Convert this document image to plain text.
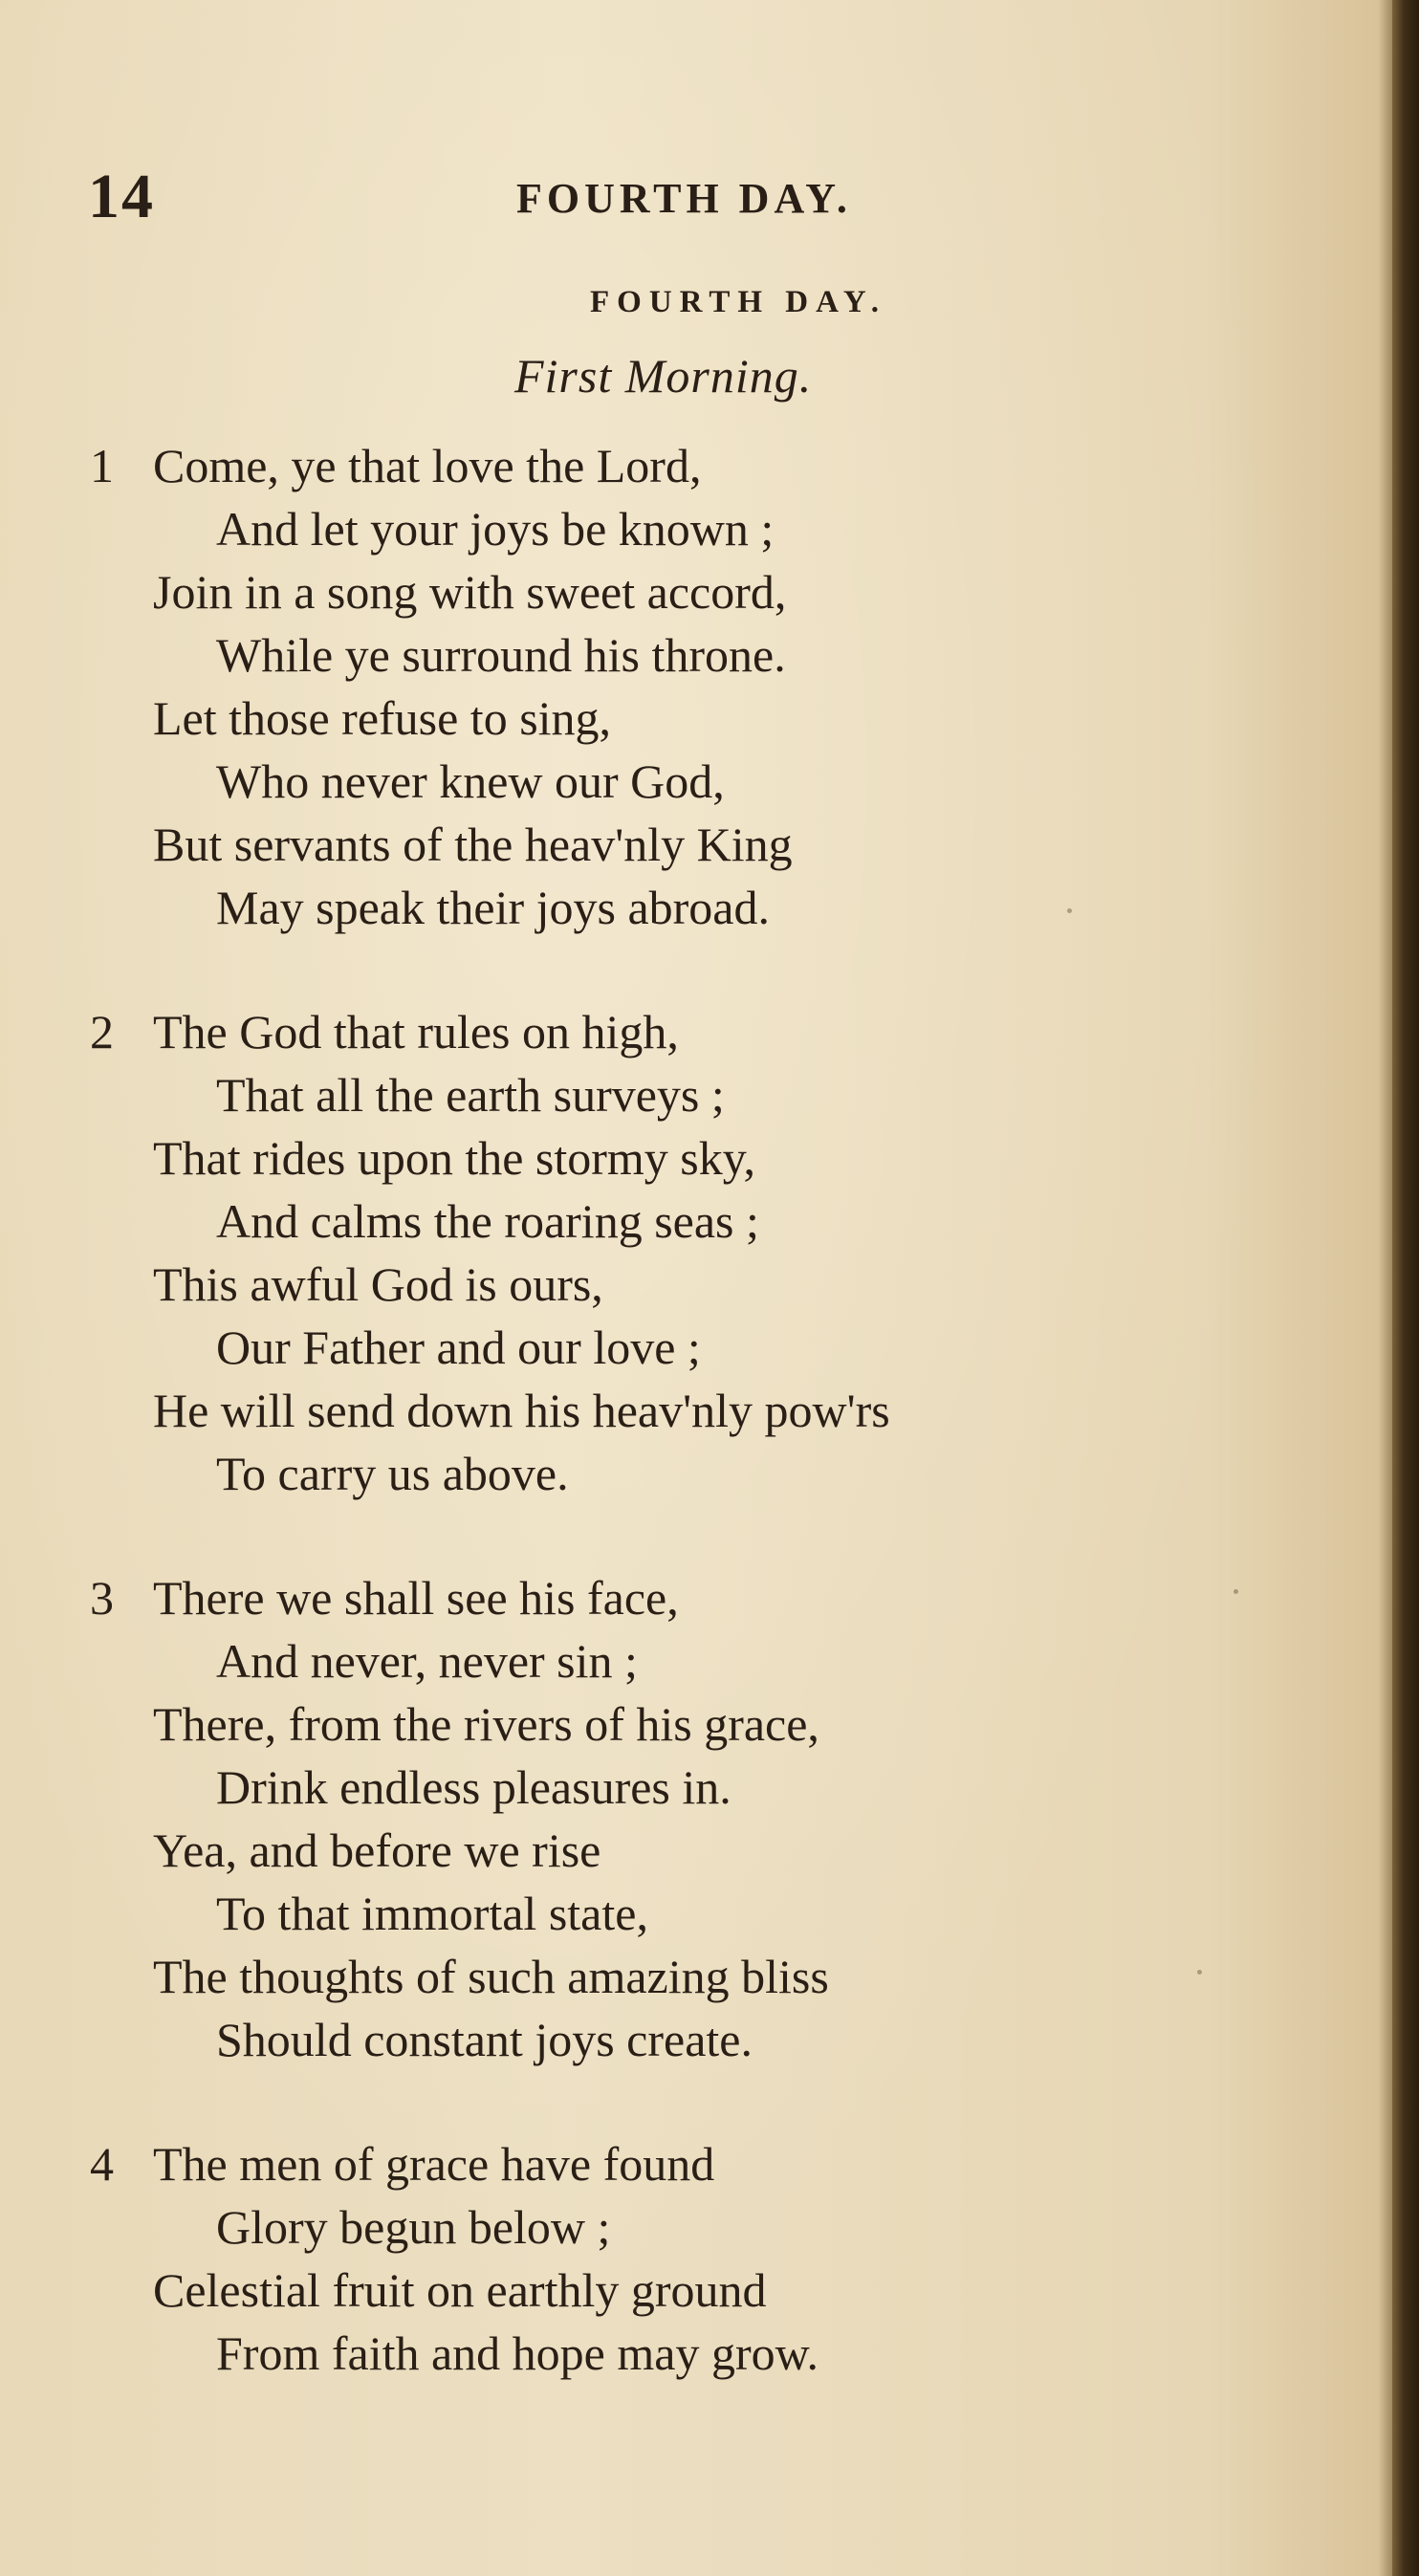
14	FOURTH DAY.
FOURTH DAY.
First Morning.
1 Come, ye that love the Lord,
And let your joys be known ;
Join in a song with sweet accord,
While ye surround his throne.
Let those refuse to sing,
Who never knew our God,
But servants of the heav'nly King
May speak their joys abroad.
2 The God that rules on high,
That all the earth surveys ;
That rides upon the stormy sky,
And calms the roaring seas ;
This awful God is ours,
Our Father and our love ;
He will send down his heav'nly pow'rs
To carry us above.
3 There we shall see his face,
And never, never sin ;
There, from the rivers of his grace,
Drink endless pleasures in.
Yea, and before we rise
To that immortal state,
The thoughts of such amazing bliss
Should constant joys create.
4 The men of grace have found
Glory begun below ;
Celestial fruit on earthly ground
From faith and hope may grow.
